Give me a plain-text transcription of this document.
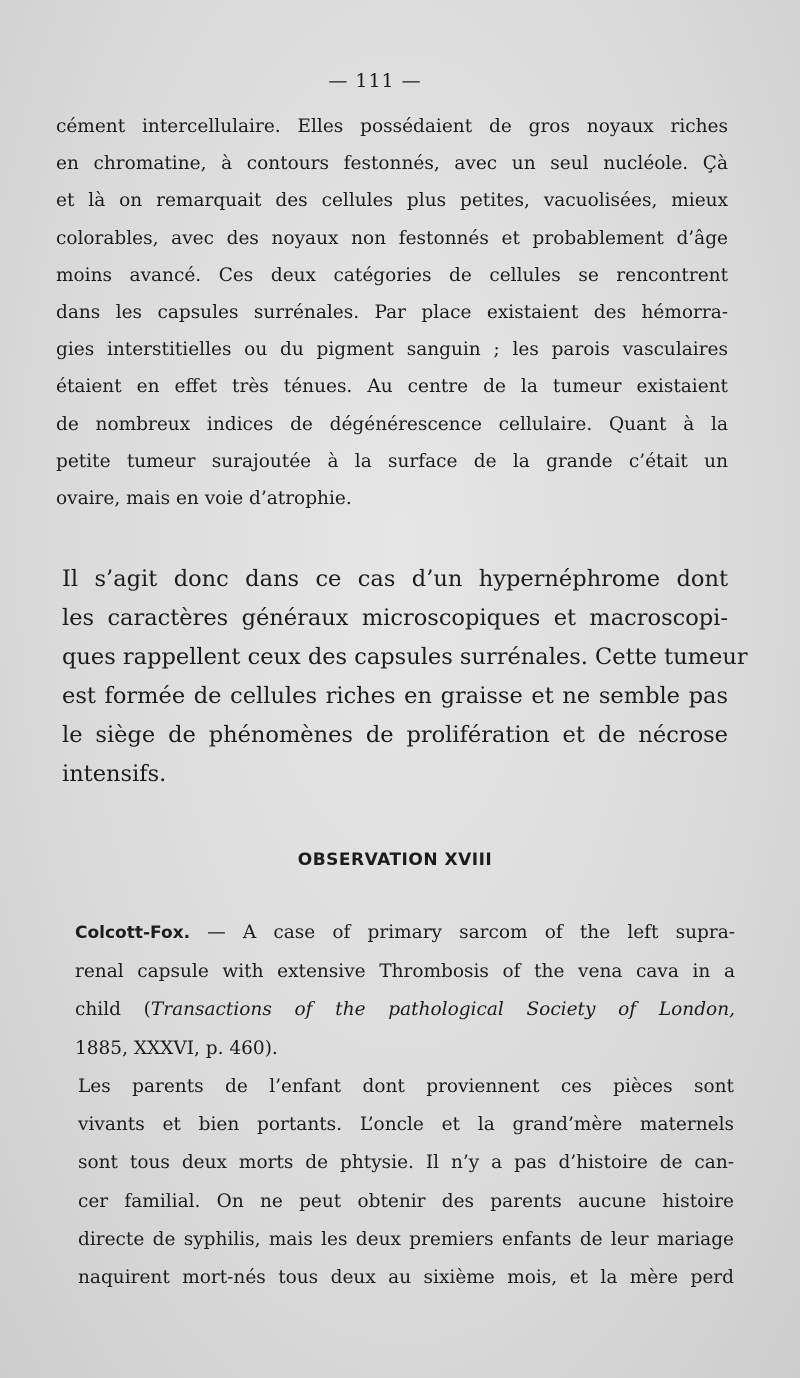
— 111 —
cément intercellulaire. Elles possédaient de gros noyaux riches
en chromatine, à contours festonnés, avec un seul nucléole. Çà
et là on remarquait des cellules plus petites, vacuolisées, mieux
colorables, avec des noyaux non festonnés et probablement d’âge
moins avancé. Ces deux catégories de cellules se rencontrent
dans les capsules surrénales. Par place existaient des hémorra-
gies interstitielles ou du pigment sanguin ; les parois vasculaires
étaient en effet très ténues. Au centre de la tumeur existaient
de nombreux indices de dégénérescence cellulaire. Quant à la
petite tumeur surajoutée à la surface de la grande c’était un
ovaire, mais en voie d’atrophie.
Il s’agit donc dans ce cas d’un hypernéphrome dont
les caractères généraux microscopiques et macroscopi-
ques rappellent ceux des capsules surrénales. Cette tumeur
est formée de cellules riches en graisse et ne semble pas
le siège de phénomènes de prolifération et de nécrose
intensifs.
OBSERVATION XVIII
Colcott-Fox. — A case of primary sarcom of the left supra-
renal capsule with extensive Thrombosis of the vena cava in a
child (Transactions of the pathological Society of London,
1885, XXXVI, p. 460).
Les parents de l’enfant dont proviennent ces pièces sont
vivants et bien portants. L’oncle et la grand’mère maternels
sont tous deux morts de phtysie. Il n’y a pas d’histoire de can-
cer familial. On ne peut obtenir des parents aucune histoire
directe de syphilis, mais les deux premiers enfants de leur mariage
naquirent mort-nés tous deux au sixième mois, et la mère perd
